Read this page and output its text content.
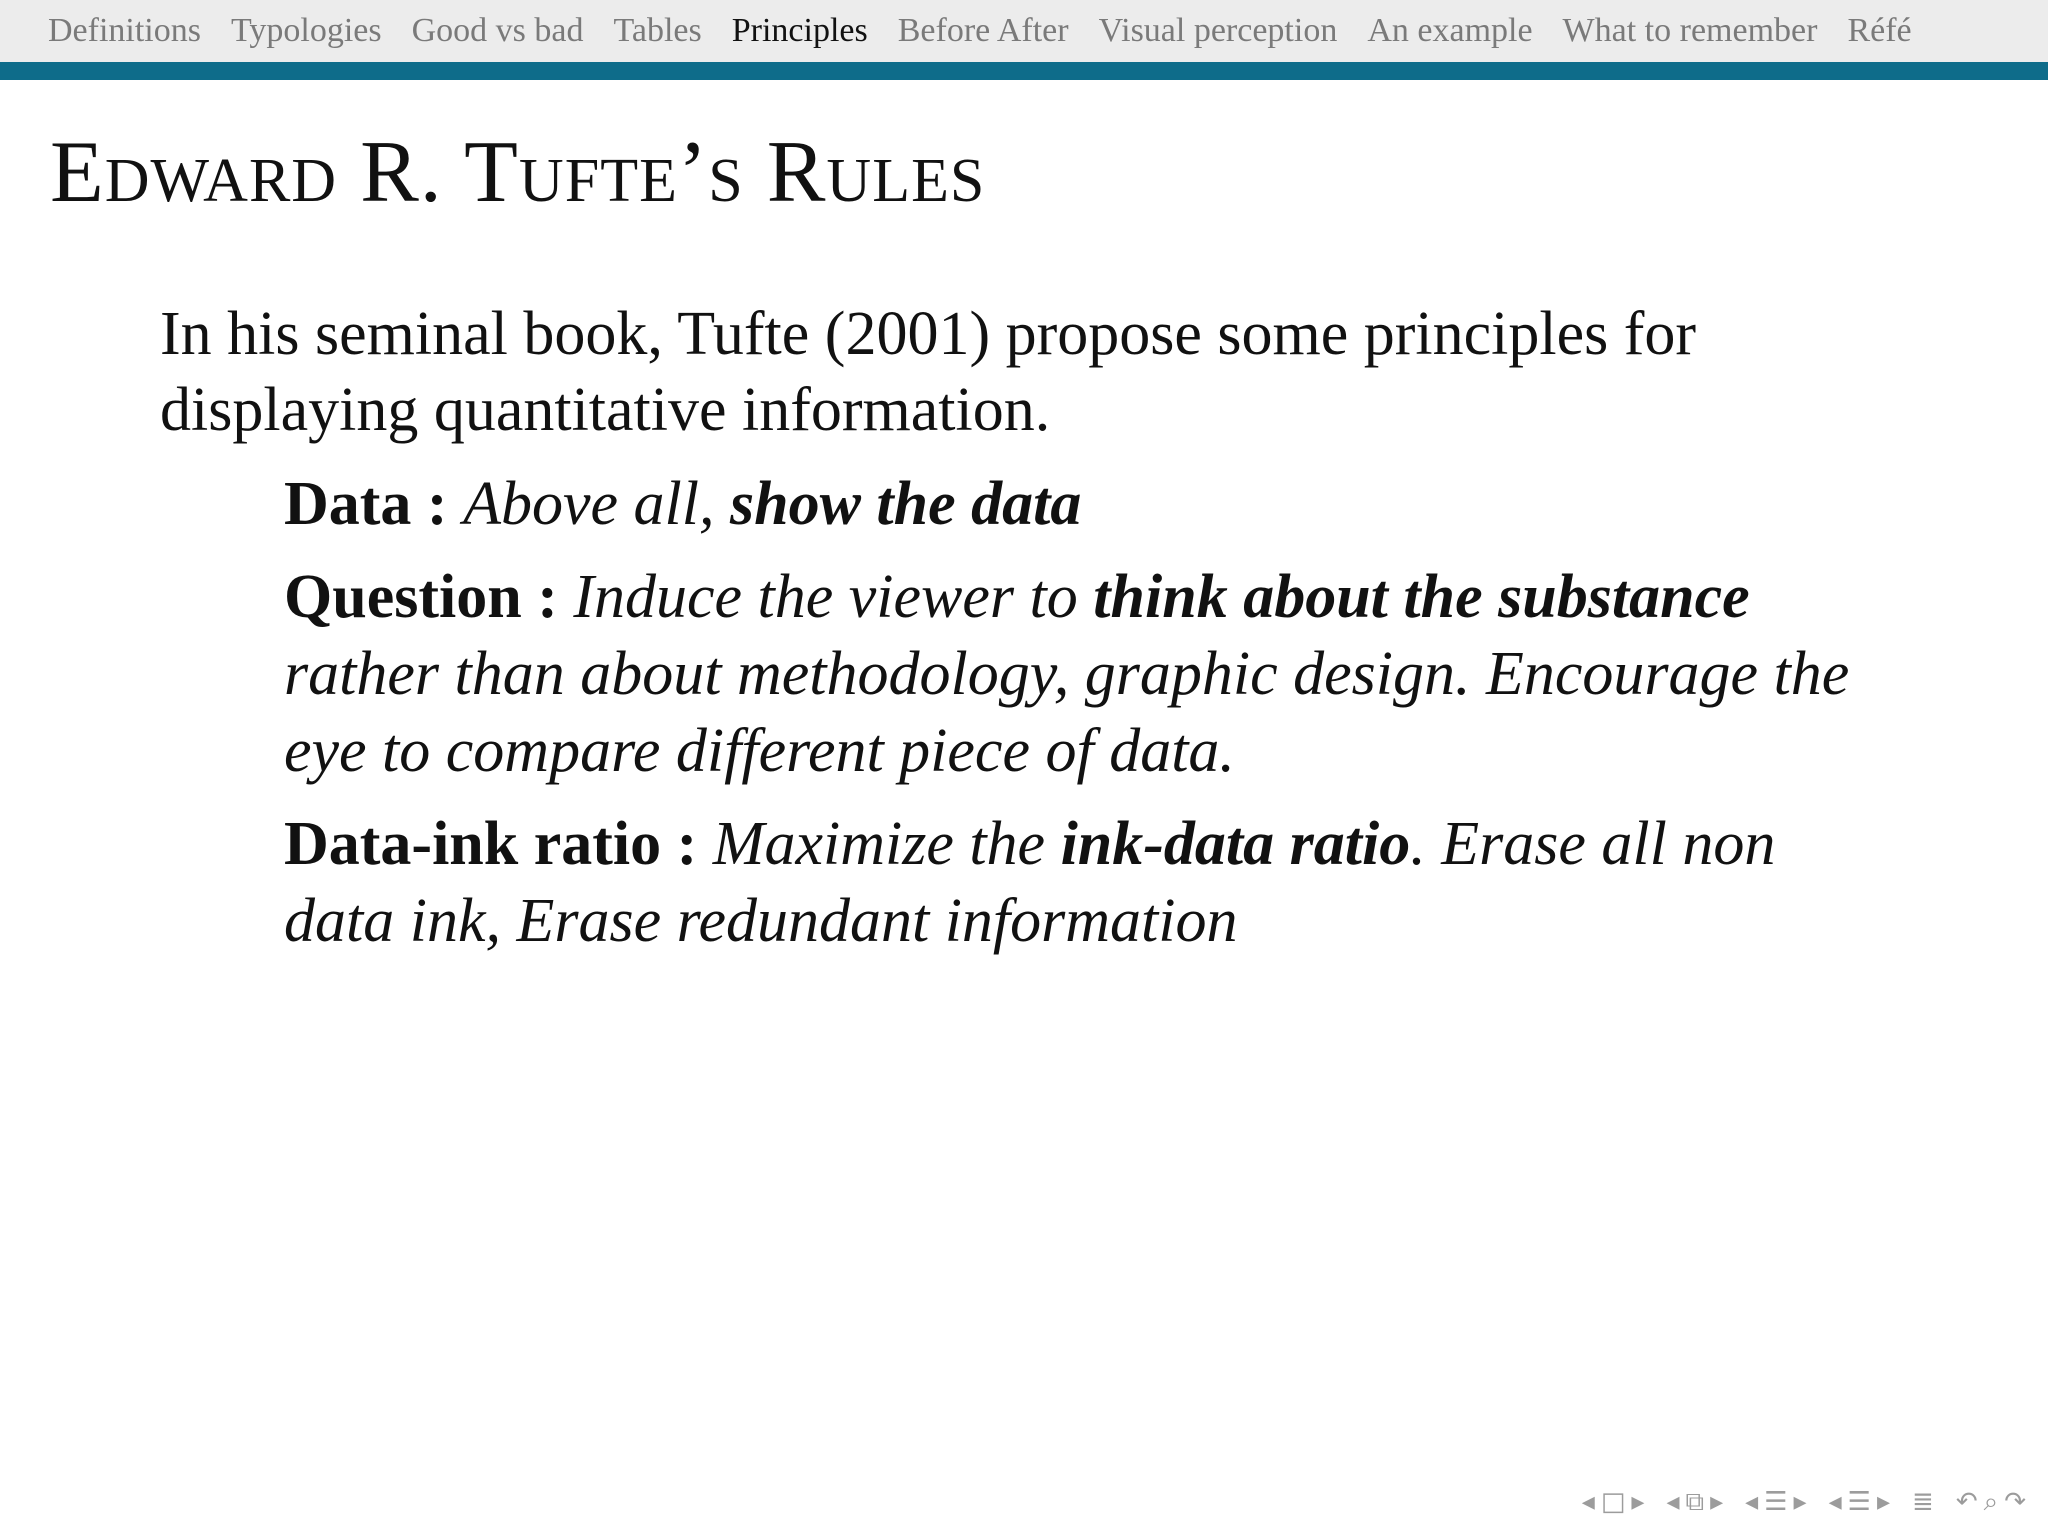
Definitions Typologies Good vs bad Tables Principles Before After Visual perception An example What to remember Réfé
Edward R. Tufte’s Rules

In his seminal book, Tufte (2001) propose some principles for displaying quantitative information.

Data : Above all, show the data

Question : Induce the viewer to think about the substance rather than about methodology, graphic design. Encourage the eye to compare different piece of data.

Data-ink ratio : Maximize the ink-data ratio. Erase all non data ink, Erase redundant information

◂ □ ▸ ◂ ⧉ ▸ ◂ ☰ ▸ ◂ ☰ ▸ ≣ ↶ ⌕ ↷
